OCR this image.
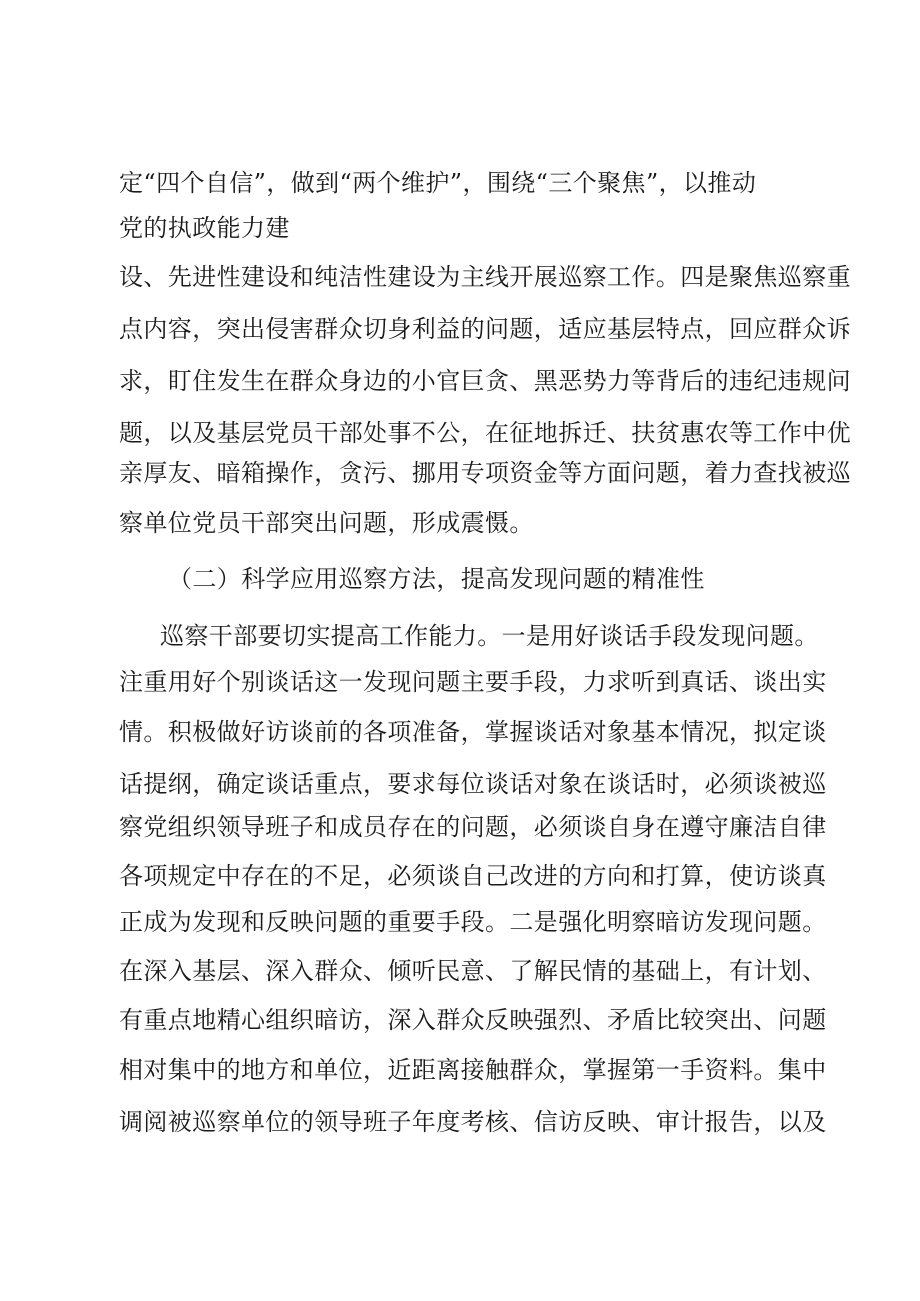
定“四个自信”，做到“两个维护”，围绕“三个聚焦”，以推动
党的执政能力建
设、先进性建设和纯洁性建设为主线开展巡察工作。四是聚焦巡察重
点内容，突出侵害群众切身利益的问题，适应基层特点，回应群众诉
求，盯住发生在群众身边的小官巨贪、黑恶势力等背后的违纪违规问
题，以及基层党员干部处事不公，在征地拆迁、扶贫惠农等工作中优
亲厚友、暗箱操作，贪污、挪用专项资金等方面问题，着力查找被巡
察单位党员干部突出问题，形成震慑。
（二）科学应用巡察方法，提高发现问题的精准性
巡察干部要切实提高工作能力。一是用好谈话手段发现问题。
注重用好个别谈话这一发现问题主要手段，力求听到真话、谈出实
情。积极做好访谈前的各项准备，掌握谈话对象基本情况，拟定谈
话提纲，确定谈话重点，要求每位谈话对象在谈话时，必须谈被巡
察党组织领导班子和成员存在的问题，必须谈自身在遵守廉洁自律
各项规定中存在的不足，必须谈自己改进的方向和打算，使访谈真
正成为发现和反映问题的重要手段。二是强化明察暗访发现问题。
在深入基层、深入群众、倾听民意、了解民情的基础上，有计划、
有重点地精心组织暗访，深入群众反映强烈、矛盾比较突出、问题
相对集中的地方和单位，近距离接触群众，掌握第一手资料。集中
调阅被巡察单位的领导班子年度考核、信访反映、审计报告，以及
